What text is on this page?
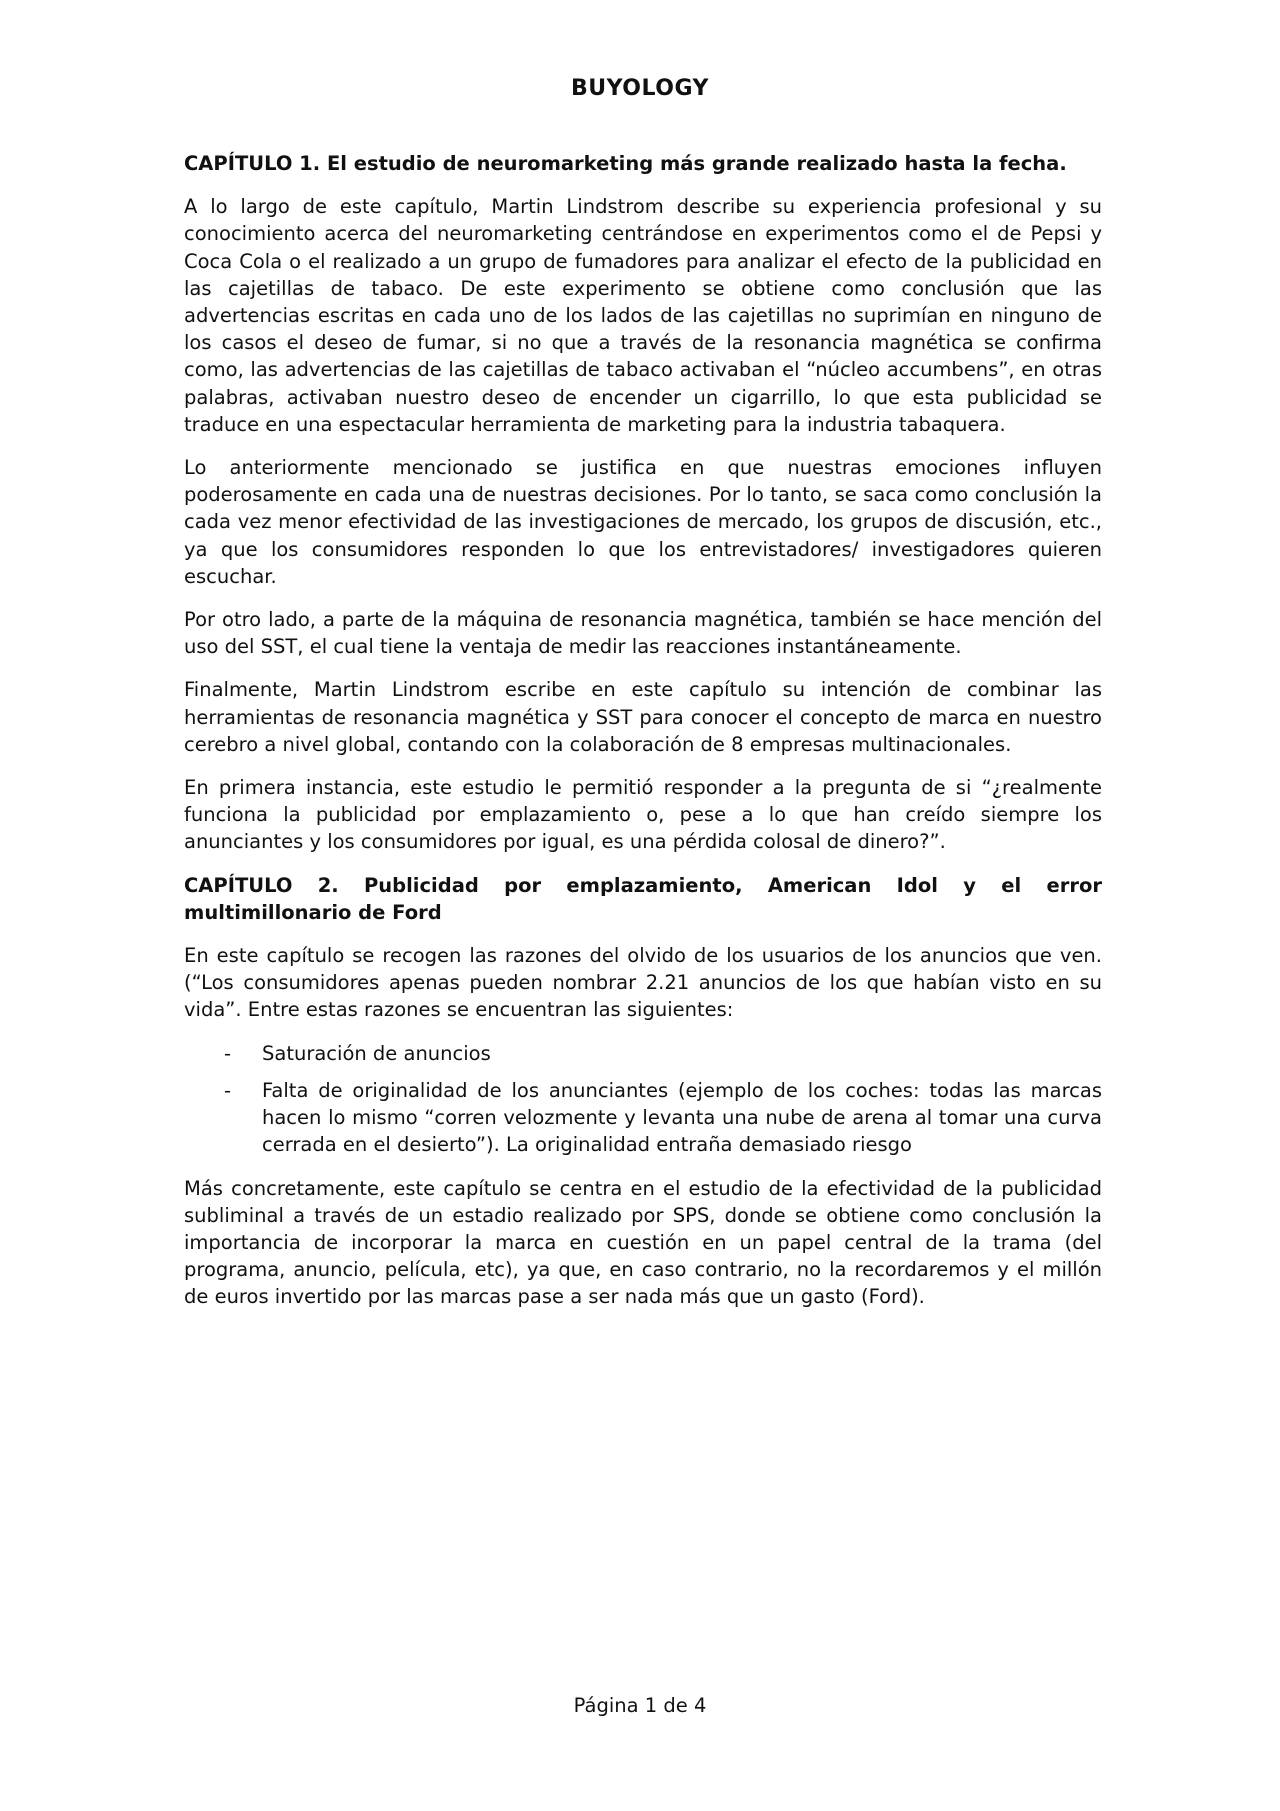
BUYOLOGY
CAPÍTULO 1. El estudio de neuromarketing más grande realizado hasta la fecha.

A lo largo de este capítulo, Martin Lindstrom describe su experiencia profesional y su conocimiento acerca del neuromarketing centrándose en experimentos como el de Pepsi y Coca Cola o el realizado a un grupo de fumadores para analizar el efecto de la publicidad en las cajetillas de tabaco. De este experimento se obtiene como conclusión que las advertencias escritas en cada uno de los lados de las cajetillas no suprimían en ninguno de los casos el deseo de fumar, si no que a través de la resonancia magnética se confirma como, las advertencias de las cajetillas de tabaco activaban el “núcleo accumbens”, en otras palabras, activaban nuestro deseo de encender un cigarrillo, lo que esta publicidad se traduce en una espectacular herramienta de marketing para la industria tabaquera.

Lo anteriormente mencionado se justifica en que nuestras emociones influyen poderosamente en cada una de nuestras decisiones. Por lo tanto, se saca como conclusión la cada vez menor efectividad de las investigaciones de mercado, los grupos de discusión, etc., ya que los consumidores responden lo que los entrevistadores/ investigadores quieren escuchar.

Por otro lado, a parte de la máquina de resonancia magnética, también se hace mención del uso del SST, el cual tiene la ventaja de medir las reacciones instantáneamente.

Finalmente, Martin Lindstrom escribe en este capítulo su intención de combinar las herramientas de resonancia magnética y SST para conocer el concepto de marca en nuestro cerebro a nivel global, contando con la colaboración de 8 empresas multinacionales.

En primera instancia, este estudio le permitió responder a la pregunta de si “¿realmente funciona la publicidad por emplazamiento o, pese a lo que han creído siempre los anunciantes y los consumidores por igual, es una pérdida colosal de dinero?”.

CAPÍTULO 2. Publicidad por emplazamiento, American Idol y el error multimillonario de Ford

En este capítulo se recogen las razones del olvido de los usuarios de los anuncios que ven. (“Los consumidores apenas pueden nombrar 2.21 anuncios de los que habían visto en su vida”. Entre estas razones se encuentran las siguientes:

- Saturación de anuncios
- Falta de originalidad de los anunciantes (ejemplo de los coches: todas las marcas hacen lo mismo “corren velozmente y levanta una nube de arena al tomar una curva cerrada en el desierto”). La originalidad entraña demasiado riesgo

Más concretamente, este capítulo se centra en el estudio de la efectividad de la publicidad subliminal a través de un estadio realizado por SPS, donde se obtiene como conclusión la importancia de incorporar la marca en cuestión en un papel central de la trama (del programa, anuncio, película, etc), ya que, en caso contrario, no la recordaremos y el millón de euros invertido por las marcas pase a ser nada más que un gasto (Ford).

Página 1 de 4
